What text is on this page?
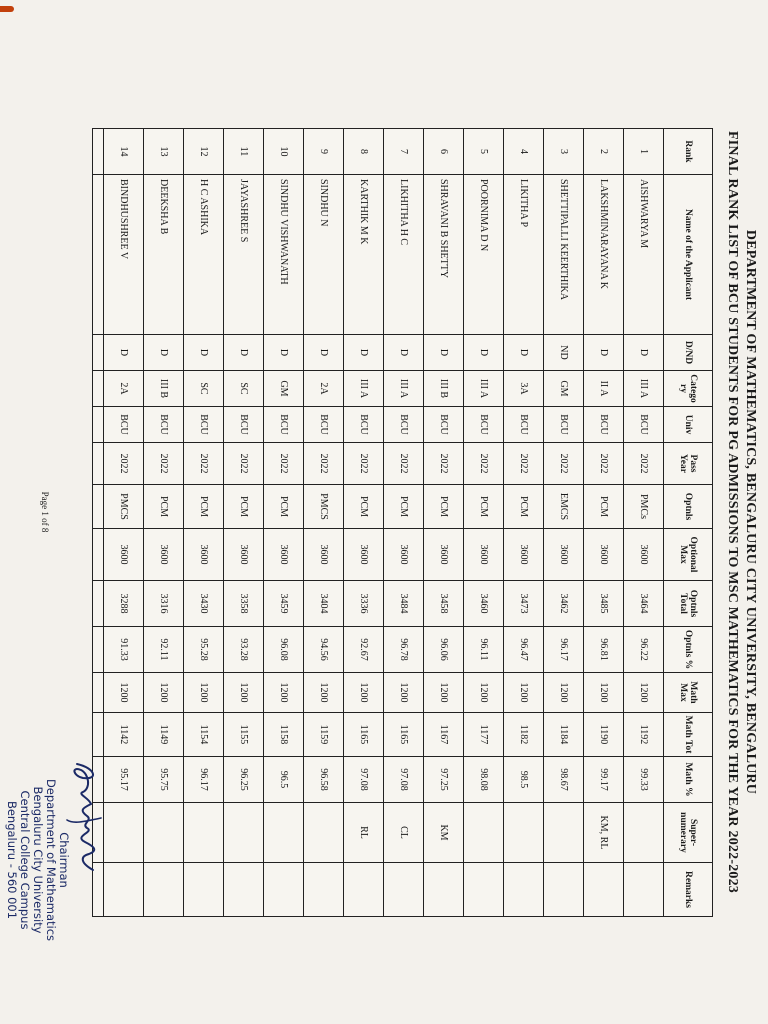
DEPARTMENT OF MATHEMATICS, BENGALURU CITY UNIVERSITY, BENGALURU
FINAL RANK LIST OF BCU STUDENTS FOR PG ADMISSIONS TO MSC MATHEMATICS FOR THE YEAR 2022-2023
Rank	Name of the Applicant	D/ND	Catego ry	Univ	Pass Year	Optnls	Optional Max	Optnls Total	Optnls %	Math Max	Math Tot	Math %	Super-numerary	Remarks
1	AISHWARYA M	D	III A	BCU	2022	PMCs	3600	3464	96.22	1200	1192	99.33		
2	LAKSHMINARAYANA K	D	II A	BCU	2022	PCM	3600	3485	96.81	1200	1190	99.17	KM, RL	
3	SHETTIPALLI KEERTHIKA	ND	GM	BCU	2022	EMCS	3600	3462	96.17	1200	1184	98.67		
4	LIKITHA P	D	3A	BCU	2022	PCM	3600	3473	96.47	1200	1182	98.5		
5	POORNIMA D N	D	III A	BCU	2022	PCM	3600	3460	96.11	1200	1177	98.08		
6	SHRAVANI B SHETTY	D	III B	BCU	2022	PCM	3600	3458	96.06	1200	1167	97.25	KM	
7	LIKHITHA H C	D	III A	BCU	2022	PCM	3600	3484	96.78	1200	1165	97.08	CL	
8	KARTHIK M K	D	III A	BCU	2022	PCM	3600	3336	92.67	1200	1165	97.08	RL	
9	SINDHU N	D	2A	BCU	2022	PMCS	3600	3404	94.56	1200	1159	96.58		
10	SINDHU VISHWANATH	D	GM	BCU	2022	PCM	3600	3459	96.08	1200	1158	96.5		
11	JAYASHREE S	D	SC	BCU	2022	PCM	3600	3358	93.28	1200	1155	96.25		
12	H C ASHIKA	D	SC	BCU	2022	PCM	3600	3430	95.28	1200	1154	96.17		
13	DEEKSHA B	D	III B	BCU	2022	PCM	3600	3316	92.11	1200	1149	95.75		
14	BINDHUSHREE V	D	2A	BCU	2022	PMCS	3600	3288	91.33	1200	1142	95.17		

Page 1 of 8
Chairman
Department of Mathematics
Bengaluru City University
Central College Campus
Bengaluru - 560 001
